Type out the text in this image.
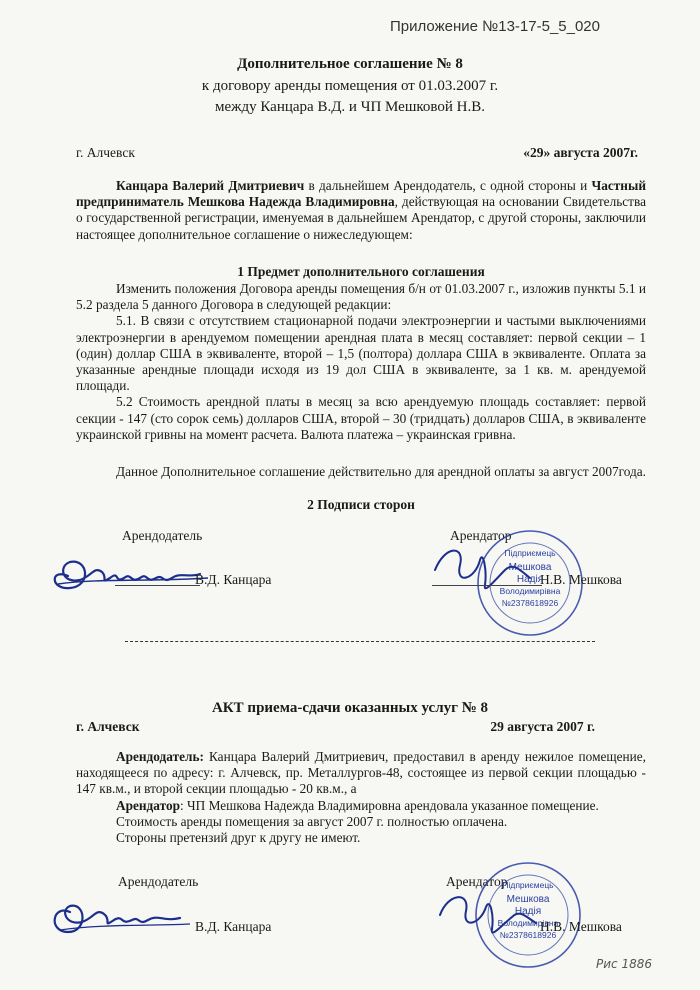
Приложение №13-17-5_5_020
Дополнительное соглашение № 8
к договору аренды помещения от 01.03.2007 г.
между Канцара В.Д. и ЧП Мешковой Н.В.
г. Алчевск	«29» августа 2007г.

Канцара Валерий Дмитриевич в дальнейшем Арендодатель, с одной стороны и Частный предприниматель Мешкова Надежда Владимировна, действующая на основании Свидетельства о государственной регистрации, именуемая в дальнейшем Арендатор, с другой стороны, заключили настоящее дополнительное соглашение о нижеследующем:

1 Предмет дополнительного соглашения

Изменить положения Договора аренды помещения б/н от 01.03.2007 г., изложив пункты 5.1 и 5.2 раздела 5 данного Договора в следующей редакции:

5.1. В связи с отсутствием стационарной подачи электроэнергии и частыми выключениями электроэнергии в арендуемом помещении арендная плата в месяц составляет: первой секции – 1 (один) доллар США в эквиваленте, второй – 1,5 (полтора) доллара США в эквиваленте. Оплата за указанные арендные площади исходя из 19 дол США в эквиваленте, за 1 кв. м. арендуемой площади.

5.2 Стоимость арендной платы в месяц за всю арендуемую площадь составляет: первой секции - 147 (сто сорок семь) долларов США, второй – 30 (тридцать) долларов США, в эквиваленте украинской гривны на момент расчета. Валюта платежа – украинская гривна.

Данное Дополнительное соглашение действительно для арендной оплаты за август 2007года.

2 Подписи сторон
Арендодатель	Арендатор
В.Д. Канцара
Підприємець
Мешкова
Надія
Володимирівна
№2378618926
Н.В. Мешкова
АКТ приема-сдачи оказанных услуг № 8
г. Алчевск	29 августа 2007 г.

Арендодатель: Канцара Валерий Дмитриевич, предоставил в аренду нежилое помещение, находящееся по адресу: г. Алчевск, пр. Металлургов-48, состоящее из первой секции площадью - 147 кв.м., и второй секции площадью - 20 кв.м., а

Арендатор: ЧП Мешкова Надежда Владимировна арендовала указанное помещение.

Стоимость аренды помещения за август 2007 г. полностью оплачена.

Стороны претензий друг к другу не имеют.

Арендодатель	Арендатор
В.Д. Канцара
Підприємець
Мешкова
Надія
Володимирівна
№2378618926
Н.В. Мешкова
Рис 1886
